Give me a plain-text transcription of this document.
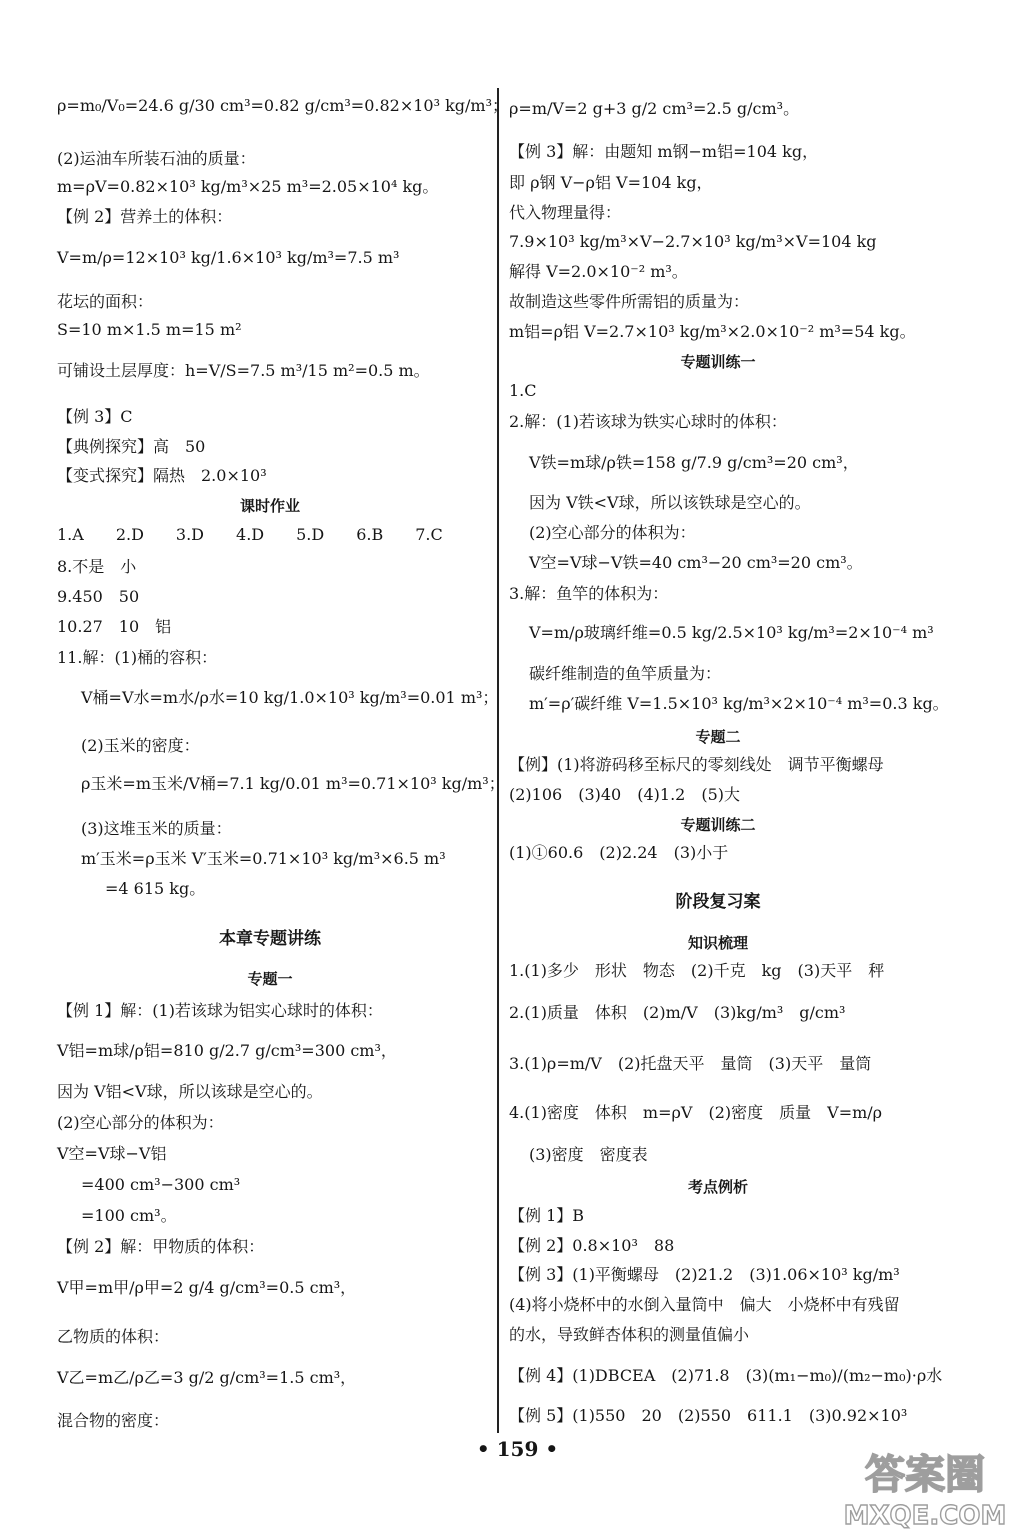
ρ=m₀/V₀=24.6 g/30 cm³=0.82 g/cm³=0.82×10³ kg/m³；
(2)运油车所装石油的质量：
m=ρV=0.82×10³ kg/m³×25 m³=2.05×10⁴ kg。
【例 2】营养土的体积：
V=m/ρ=12×10³ kg/1.6×10³ kg/m³=7.5 m³
花坛的面积：
S=10 m×1.5 m=15 m²
可铺设土层厚度：h=V/S=7.5 m³/15 m²=0.5 m。
【例 3】C
【典例探究】高　50
【变式探究】隔热　2.0×10³
1.A　　2.D　　3.D　　4.D　　5.D　　6.B　　7.C
8.不是　小
9.450　50
10.27　10　铝
11.解：(1)桶的容积：
V桶=V水=m水/ρ水=10 kg/1.0×10³ kg/m³=0.01 m³；
(2)玉米的密度：
ρ玉米=m玉米/V桶=7.1 kg/0.01 m³=0.71×10³ kg/m³；
(3)这堆玉米的质量：
m′玉米=ρ玉米 V′玉米=0.71×10³ kg/m³×6.5 m³
=4 615 kg。
【例 1】解：(1)若该球为铝实心球时的体积：
V铝=m球/ρ铝=810 g/2.7 g/cm³=300 cm³，
因为 V铝<V球，所以该球是空心的。
(2)空心部分的体积为：
V空=V球−V铝
=400 cm³−300 cm³
=100 cm³。
【例 2】解：甲物质的体积：
V甲=m甲/ρ甲=2 g/4 g/cm³=0.5 cm³，
乙物质的体积：
V乙=m乙/ρ乙=3 g/2 g/cm³=1.5 cm³，
混合物的密度：
课时作业
本章专题讲练
专题一
ρ=m/V=2 g+3 g/2 cm³=2.5 g/cm³。
【例 3】解：由题知 m钢−m铝=104 kg，
即 ρ钢 V−ρ铝 V=104 kg，
代入物理量得：
7.9×10³ kg/m³×V−2.7×10³ kg/m³×V=104 kg
解得 V=2.0×10⁻² m³。
故制造这些零件所需铝的质量为：
m铝=ρ铝 V=2.7×10³ kg/m³×2.0×10⁻² m³=54 kg。
1.C
2.解：(1)若该球为铁实心球时的体积：
V铁=m球/ρ铁=158 g/7.9 g/cm³=20 cm³，
因为 V铁<V球，所以该铁球是空心的。
(2)空心部分的体积为：
V空=V球−V铁=40 cm³−20 cm³=20 cm³。
3.解：鱼竿的体积为：
V=m/ρ玻璃纤维=0.5 kg/2.5×10³ kg/m³=2×10⁻⁴ m³
碳纤维制造的鱼竿质量为：
m′=ρ′碳纤维 V=1.5×10³ kg/m³×2×10⁻⁴ m³=0.3 kg。
【例】(1)将游码移至标尺的零刻线处　调节平衡螺母
(2)106　(3)40　(4)1.2　(5)大
(1)①60.6　(2)2.24　(3)小于
1.(1)多少　形状　物态　(2)千克　kg　(3)天平　秤
2.(1)质量　体积　(2)m/V　(3)kg/m³　g/cm³
3.(1)ρ=m/V　(2)托盘天平　量筒　(3)天平　量筒
4.(1)密度　体积　m=ρV　(2)密度　质量　V=m/ρ
(3)密度　密度表
【例 1】B
【例 2】0.8×10³　88
【例 3】(1)平衡螺母　(2)21.2　(3)1.06×10³ kg/m³
(4)将小烧杯中的水倒入量筒中　偏大　小烧杯中有残留
的水，导致鲜杏体积的测量值偏小
【例 4】(1)DBCEA　(2)71.8　(3)(m₁−m₀)/(m₂−m₀)·ρ水
【例 5】(1)550　20　(2)550　611.1　(3)0.92×10³
专题训练一
专题二
专题训练二
阶段复习案
知识梳理
考点例析
• 159 •
答案圈
MXQE.COM
